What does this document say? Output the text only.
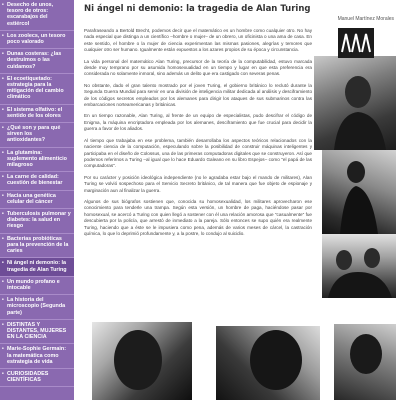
• Desecho de unos, tesoro de otros: escarabajos del estiércol
• Los zoolecs, un tesoro poco valorado
• Dunas costeras: ¿las destruimos o las cuidamos?
• El ecoetiquetado: estrategia para la mitigación del cambio climático
• El sistema olfativo: el sentido de los olores
• ¿Qué son y para qué sirven los antioxidantes?
• La glutamina: suplemento alimenticio milagroso
• La carne de calidad: cuestión de bienestar
• Hacia una genética celular del cáncer
• Tuberculosis pulmonar y diabetes: la salud en riesgo
• Bacterias probióticas para la prevención de la caries
• Ni ángel ni demonio: la tragedia de Alan Turing
• Un mundo profano e intocable
• La historia del microscopio (Segunda parte)
• DISTINTAS Y DISTANTES, MUJERES EN LA CIENCIA
• Marie-Sophie Germain: la matemática como estrategia de vida
• CURIOSIDADES CIENTÍFICAS
Ni ángel ni demonio: la tragedia de Alan Turing
Manuel Martínez Morales

Parafraseando a Bertold Brecht, podemos decir que el matemático es un hombre como cualquier otro. No hay nada especial que distinga a un científico –hombre o mujer– de un obrero, un oficinista o una ama de casa. En este sentido, el hombre o la mujer de ciencia experimentan las mismas pasiones, alegrías y temores que cualquier otro ser humano. Igualmente están expuestos a los azares propios de su época y circunstancia.

La vida personal del matemático Alan Turing, precursor de la teoría de la computabilidad, estuvo marcada desde muy temprano por su asumida homosexualidad en un tiempo y lugar en que esta preferencia era considerada no solamente inmoral, sino además un delito que era castigado con severas penas.

No obstante, dado el gran talento mostrado por el joven Turing, el gobierno británico lo reclutó durante la Segunda Guerra Mundial para servir en una división de inteligencia militar dedicada al análisis y desciframiento de los códigos secretos empleados por los alemanes para dirigir los ataques de sus submarinos contra las embarcaciones norteamericanas y británicas.

En un tiempo razonable, Alan Turing, al frente de un equipo de especialistas, pudo descifrar el código de Enigma, la máquina encriptadora empleada por los alemanes, desciframiento que fue crucial para decidir la guerra a favor de los aliados.

Al tiempo que trabajaba en ese problema, también desarrollaba los aspectos teóricos relacionados con la naciente ciencia de la computación, especulando sobre la posibilidad de construir máquinas inteligentes y participaba en el diseño de Colossus, una de las primeras computadoras digitales que se construyeron. Así que podemos referirnos a Turing –al igual que lo hace Eduardo Galeano en su libro Espejos– como "el papá de las computadoras".

Por su carácter y posición ideológica independiente (no le agradaba estar bajo el mando de militares), Alan Turing se volvió sospechoso para el Servicio Secreto británico, de tal manera que fue objeto de espionaje y marginación aun al finalizar la guerra.

Algunos de sus biógrafos sostienen que, conocida su homosexualidad, los militares aprovecharon ese conocimiento para tenderle una trampa. Según esta versión, un hombre de paga, haciéndose pasar por homosexual, se acercó a Turing con quien llegó a sostener con él una relación amorosa que "casualmente" fue descubierta por la policía, que arrestó de inmediato a la pareja. Sólo entonces se supo quién era realmente Turing, haciendo que a éste se le impusiera como pena, además de varios meses de cárcel, la castración química, lo que lo deprimió profundamente y, a la postre, lo condujo al suicidio.
